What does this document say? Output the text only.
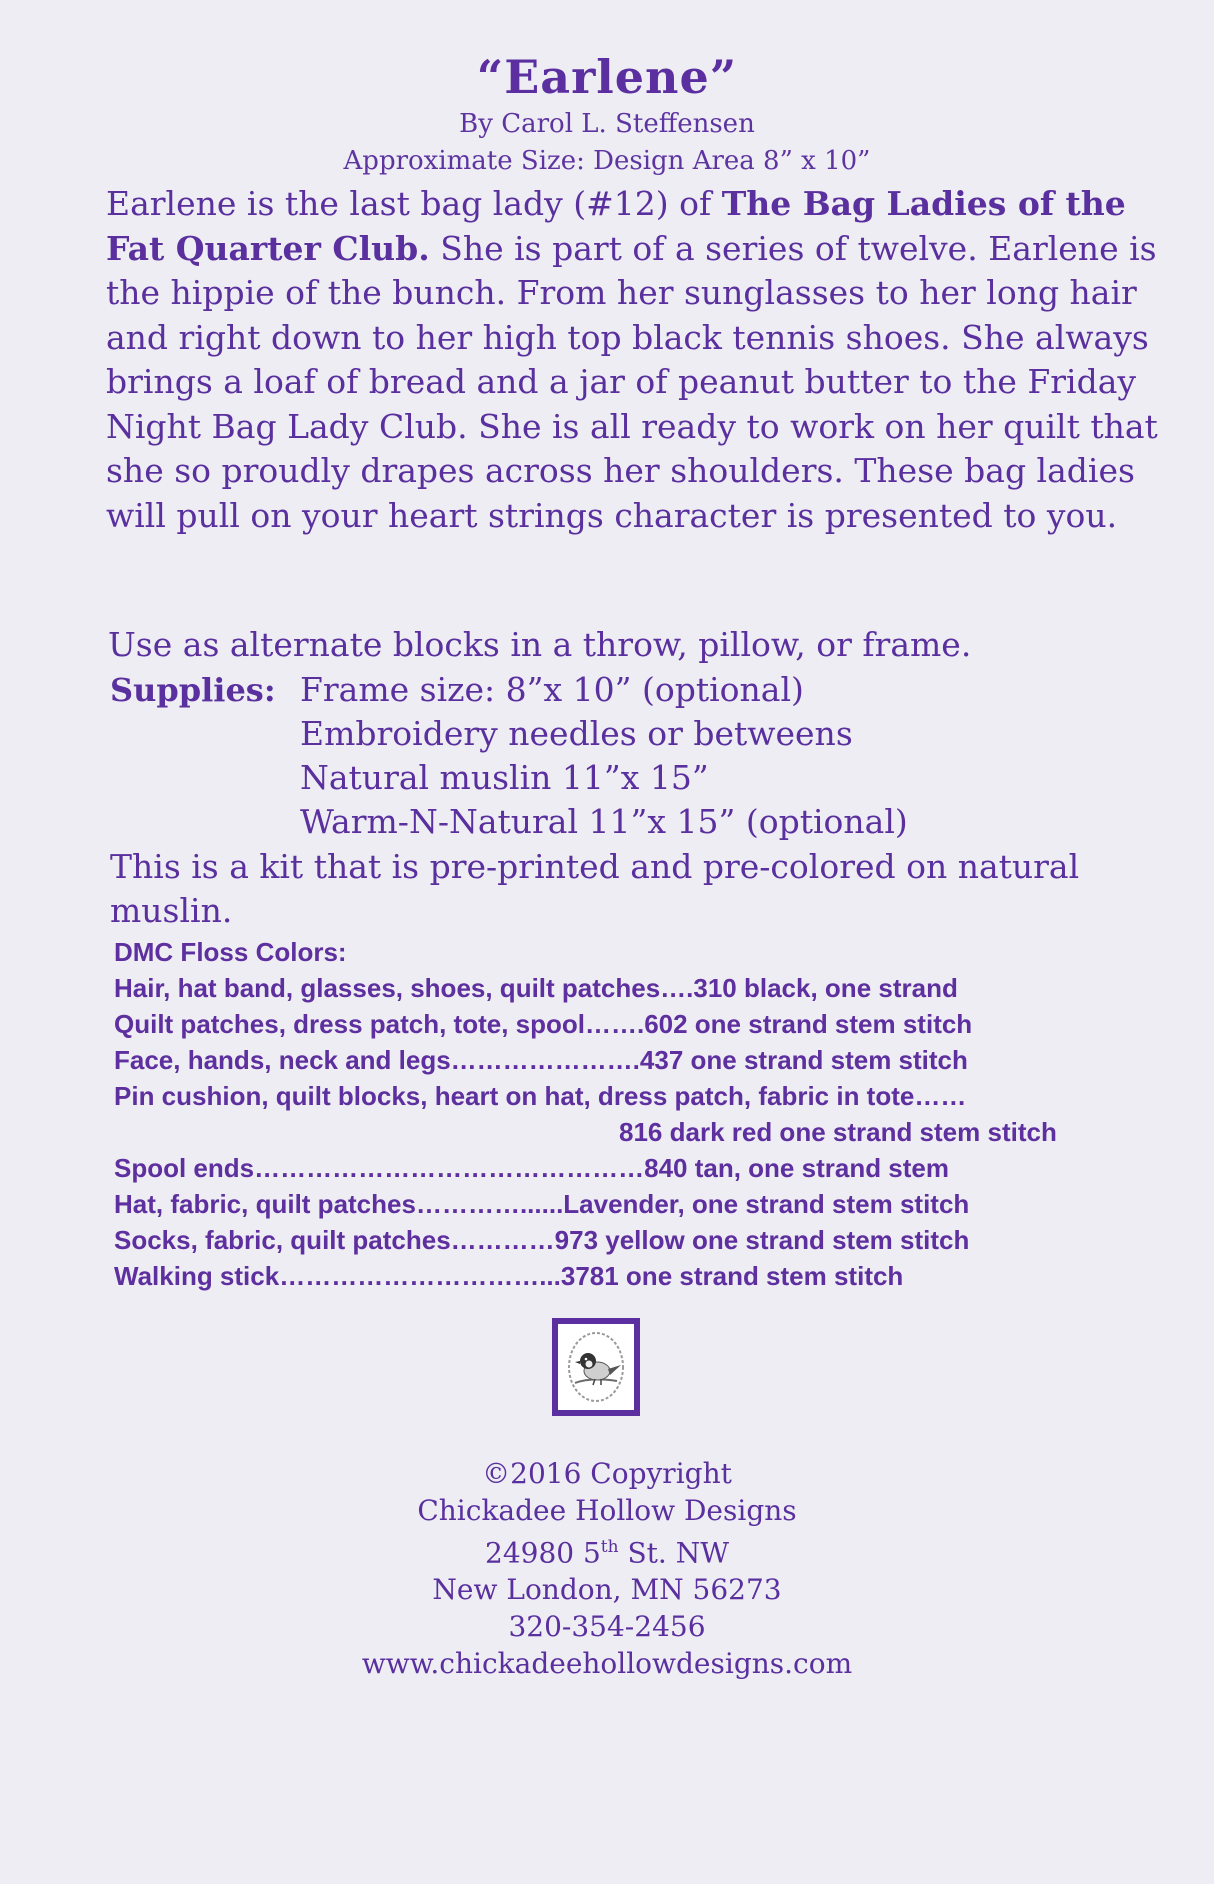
“Earlene”
By Carol L. Steffensen
Approximate Size: Design Area 8” x 10”
Earlene is the last bag lady (#12) of The Bag Ladies of the Fat Quarter Club. She is part of a series of twelve. Earlene is the hippie of the bunch. From her sunglasses to her long hair and right down to her high top black tennis shoes. She always brings a loaf of bread and a jar of peanut butter to the Friday Night Bag Lady Club. She is all ready to work on her quilt that she so proudly drapes across her shoulders. These bag ladies will pull on your heart strings character is presented to you.
Use as alternate blocks in a throw, pillow, or frame.
Supplies: Frame size: 8”x 10” (optional)
Embroidery needles or betweens
Natural muslin 11”x 15”
Warm-N-Natural 11”x 15” (optional)
This is a kit that is pre-printed and pre-colored on natural muslin.
DMC Floss Colors:
Hair, hat band, glasses, shoes, quilt patches….310 black, one strand
Quilt patches, dress patch, tote, spool…….602 one strand stem stitch
Face, hands, neck and legs………………….437 one strand stem stitch
Pin cushion, quilt blocks, heart on hat, dress patch, fabric in tote……
816 dark red one strand stem stitch
Spool ends………………………………………840 tan, one strand stem
Hat, fabric, quilt patches…………......Lavender, one strand stem stitch
Socks, fabric, quilt patches…………973 yellow one strand stem stitch
Walking stick…………………………...3781 one strand stem stitch
©2016 Copyright
Chickadee Hollow Designs
24980 5th St. NW
New London, MN 56273
320-354-2456
www.chickadeehollowdesigns.com
